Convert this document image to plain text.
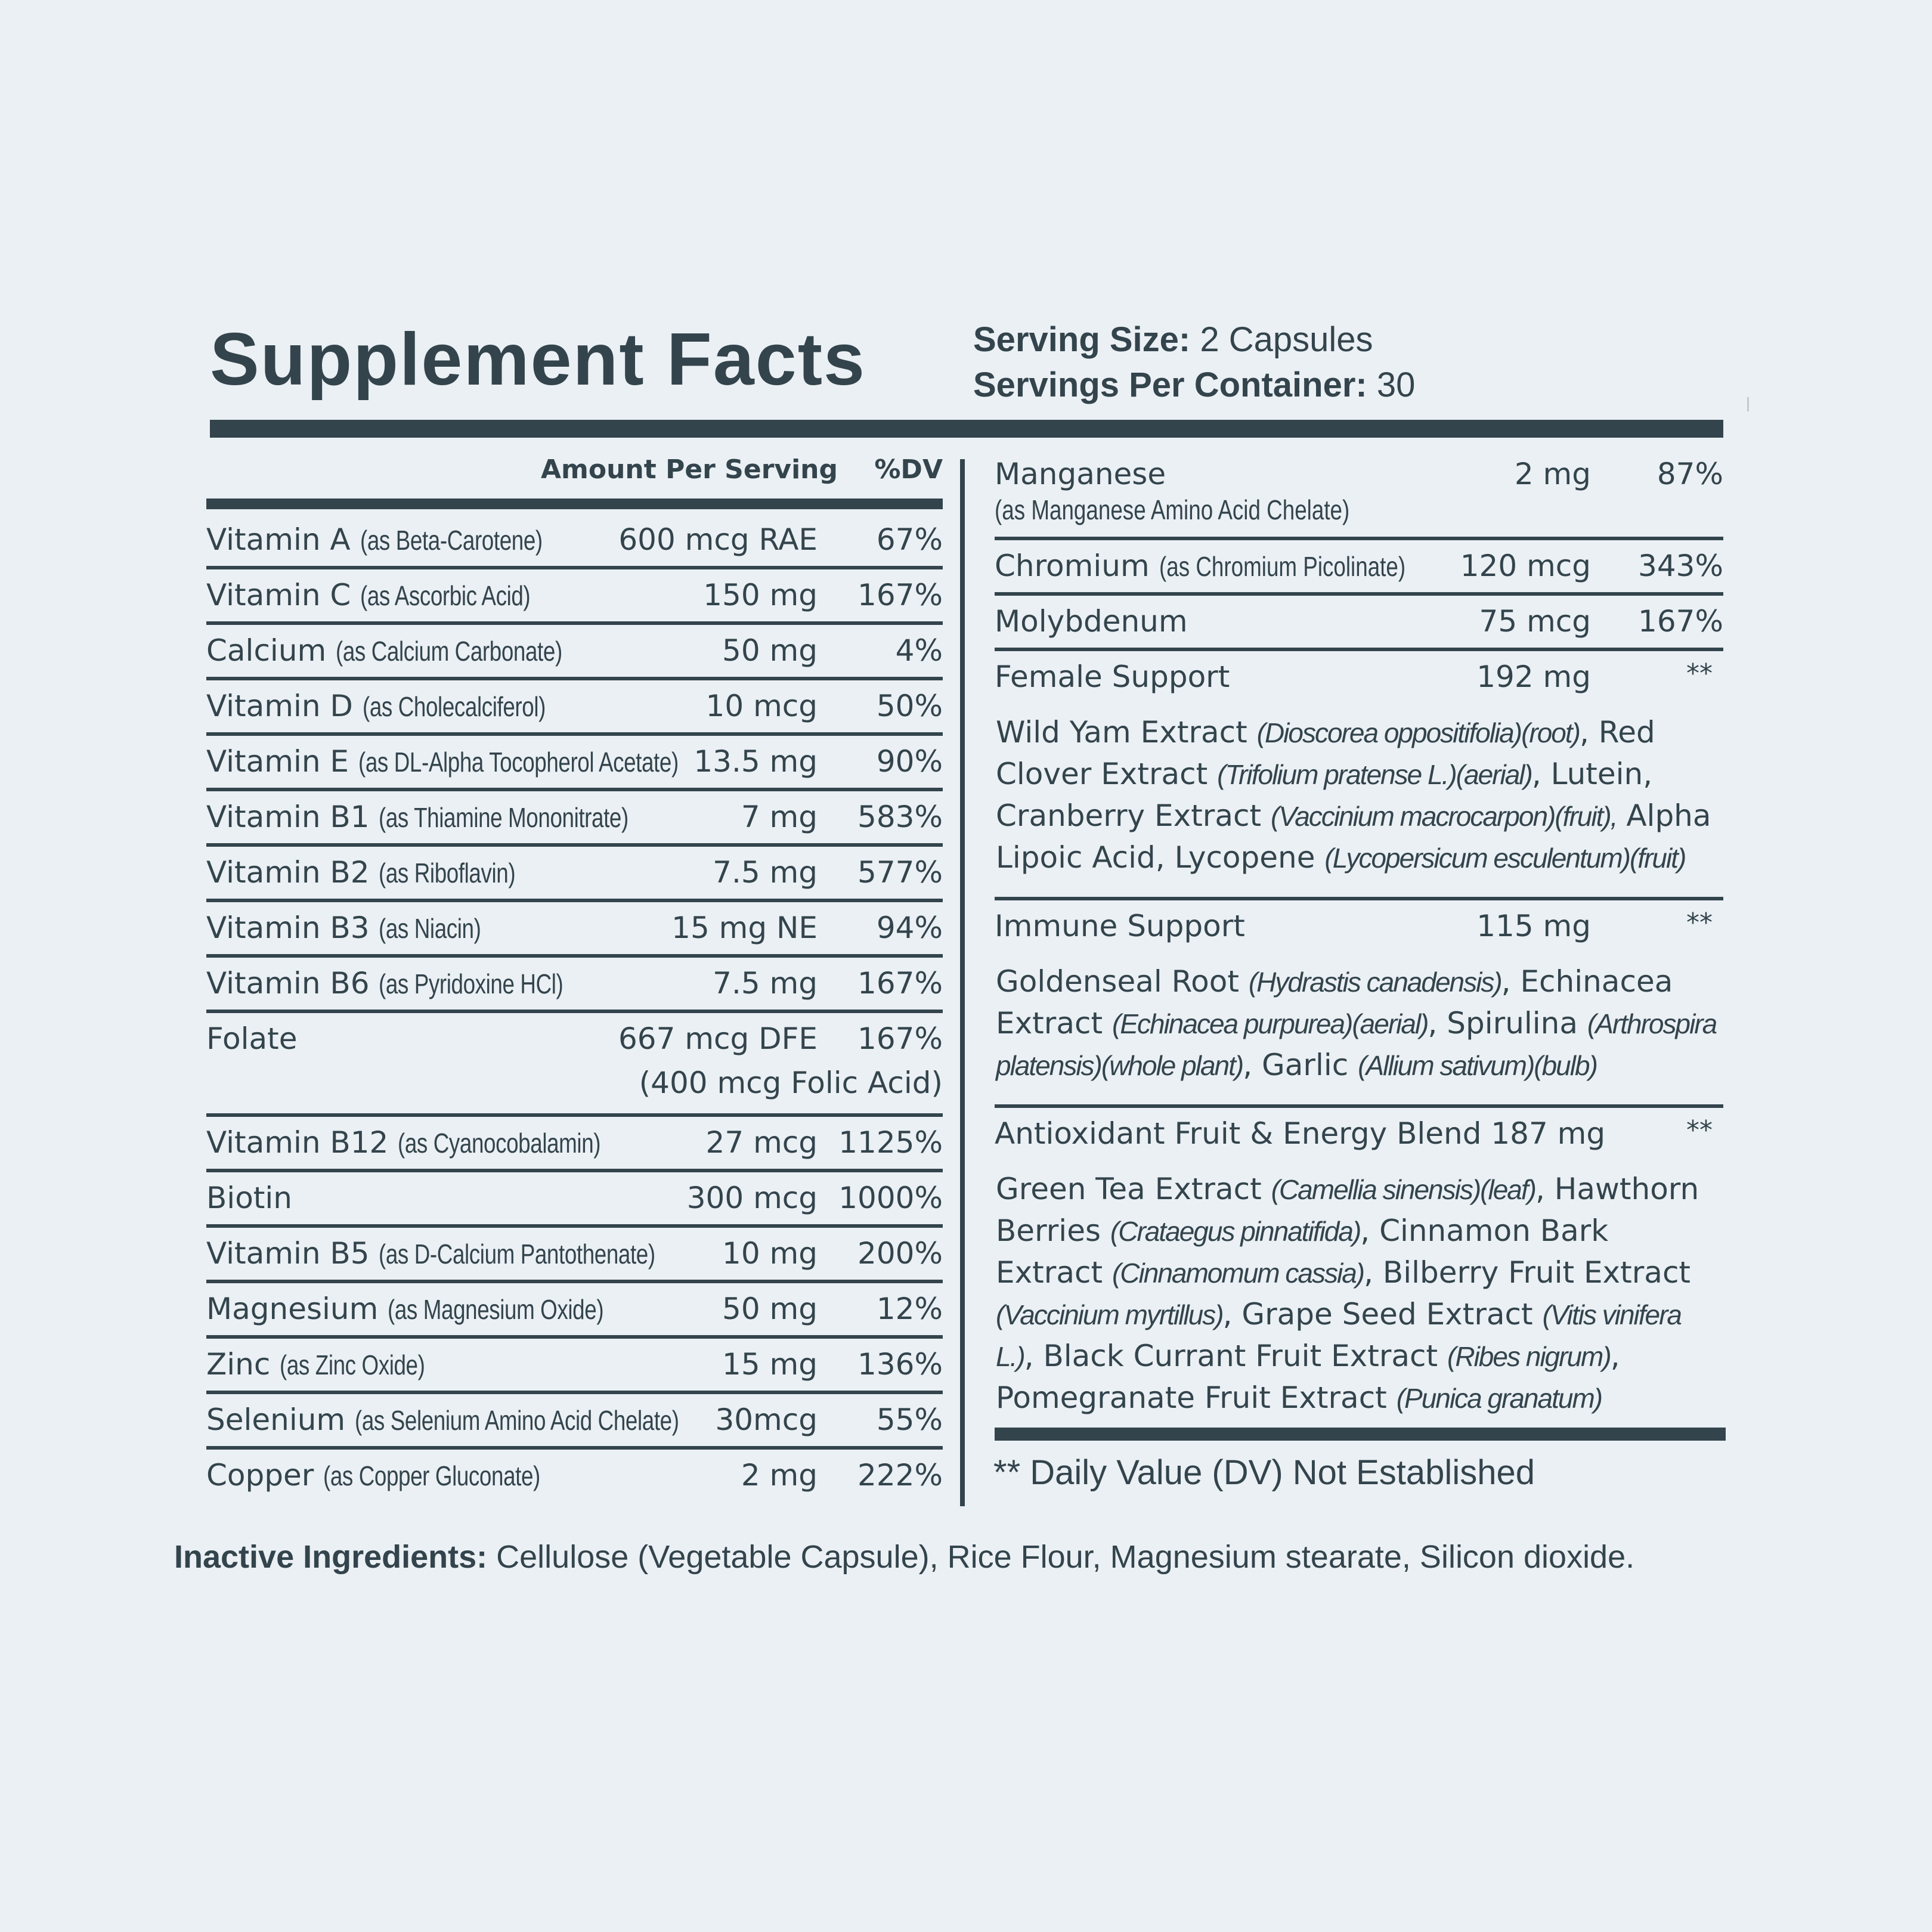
Supplement Facts	Serving Size: 2 Capsules
Servings Per Container: 30
Amount Per Serving %DV
Vitamin A (as Beta-Carotene)	600 mcg RAE 67%
Vitamin C (as Ascorbic Acid)	150 mg 167%
Calcium (as Calcium Carbonate)	50 mg	4%
Vitamin D (as Cholecalciferol)	10 mcg 50%
Vitamin E (as DL-Alpha Tocopherol Acetate) 13.5 mg 90%
Vitamin B1 (as Thiamine Mononitrate)	7 mg 583%
Vitamin B2 (as Riboflavin)	7.5 mg 577%
Vitamin B3 (as Niacin)	15 mg NE 94%
Vitamin B6 (as Pyridoxine HCl)	7.5 mg 167%
Folate	667 mcg DFE 167%
(400 mcg Folic Acid)
Vitamin B12 (as Cyanocobalamin)	27 mcg 1125%
Biotin	300 mcg 1000%
Vitamin B5 (as D-Calcium Pantothenate)	10 mg 200%
Magnesium (as Magnesium Oxide)	50 mg 12%
Zinc (as Zinc Oxide)	15 mg 136%
Selenium (as Selenium Amino Acid Chelate)	30mcg 55%
Copper (as Copper Gluconate)	2 mg 222%
Manganese	2 mg 87%
(as Manganese Amino Acid Chelate)
Chromium (as Chromium Picolinate)	120 mcg 343%
Molybdenum	75 mcg 167%
Female Support	192 mg	**
Wild Yam Extract (Dioscorea oppositifolia)(root), Red Clover Extract (Trifolium pratense L.)(aerial), Lutein, Cranberry Extract (Vaccinium macrocarpon)(fruit), Alpha Lipoic Acid, Lycopene (Lycopersicum esculentum)(fruit)
Immune Support	115 mg	**
Goldenseal Root (Hydrastis canadensis), Echinacea Extract (Echinacea purpurea)(aerial), Spirulina (Arthrospira platensis)(whole plant), Garlic (Allium sativum)(bulb)
Antioxidant Fruit & Energy Blend 187 mg	**
Green Tea Extract (Camellia sinensis)(leaf), Hawthorn Berries (Crataegus pinnatifida), Cinnamon Bark Extract (Cinnamomum cassia), Bilberry Fruit Extract (Vaccinium myrtillus), Grape Seed Extract (Vitis vinifera L.), Black Currant Fruit Extract (Ribes nigrum), Pomegranate Fruit Extract (Punica granatum)
** Daily Value (DV) Not Established
Inactive Ingredients: Cellulose (Vegetable Capsule), Rice Flour, Magnesium stearate, Silicon dioxide.
